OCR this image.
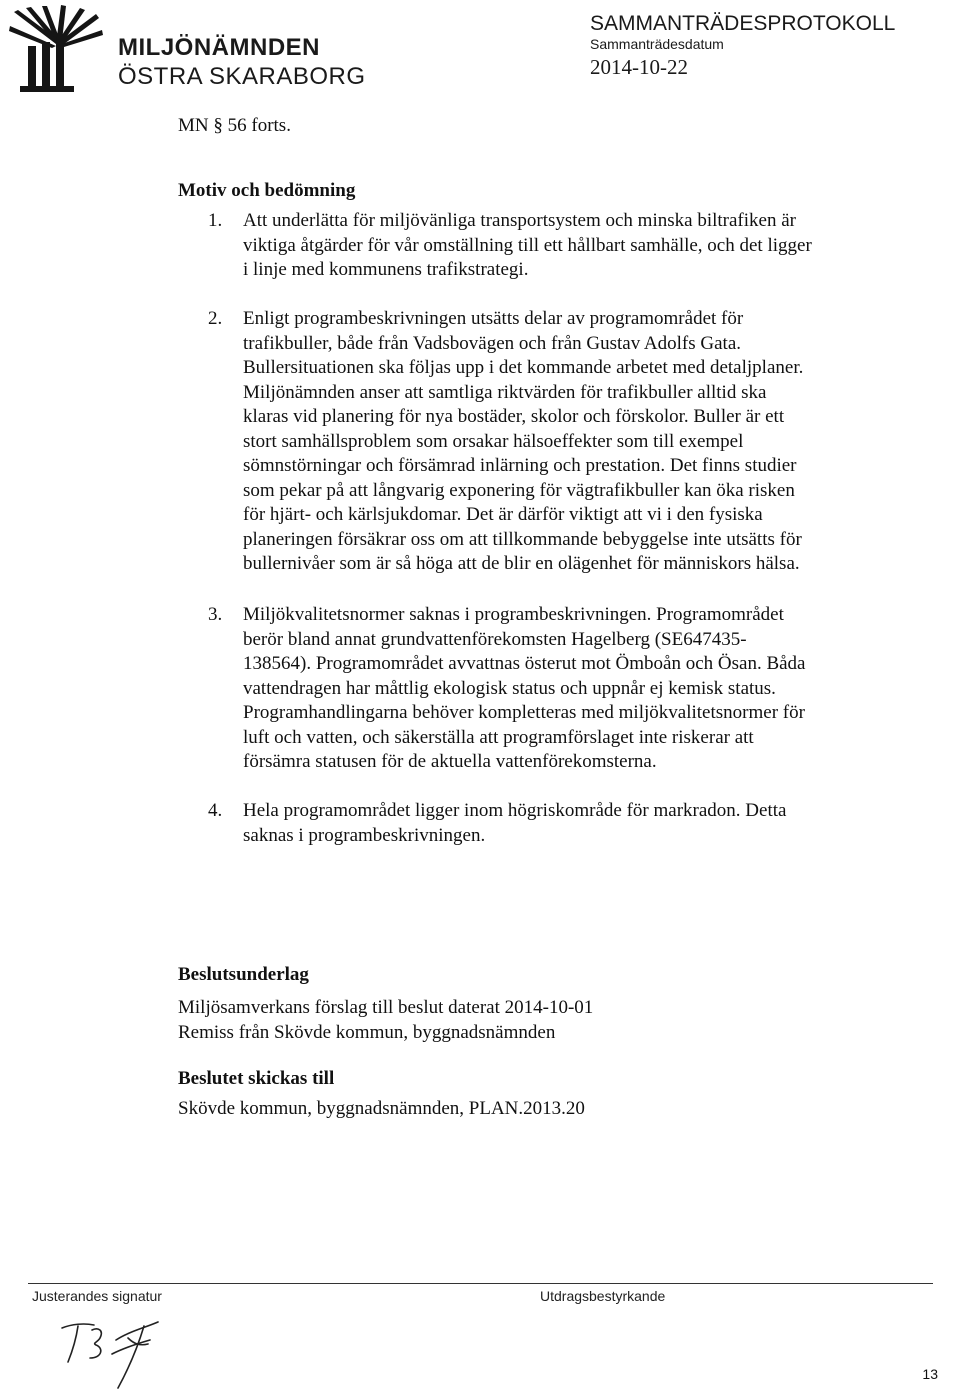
MILJÖNÄMNDEN
ÖSTRA SKARABORG
SAMMANTRÄDESPROTOKOLL
Sammanträdesdatum
2014-10-22
MN § 56 forts.
Motiv och bedömning
1. Att underlätta för miljövänliga transportsystem och minska biltrafiken är
viktiga åtgärder för vår omställning till ett hållbart samhälle, och det ligger
i linje med kommunens trafikstrategi.
2. Enligt programbeskrivningen utsätts delar av programområdet för
trafikbuller, både från Vadsbovägen och från Gustav Adolfs Gata.
Bullersituationen ska följas upp i det kommande arbetet med detaljplaner.
Miljönämnden anser att samtliga riktvärden för trafikbuller alltid ska
klaras vid planering för nya bostäder, skolor och förskolor. Buller är ett
stort samhällsproblem som orsakar hälsoeffekter som till exempel
sömnstörningar och försämrad inlärning och prestation. Det finns studier
som pekar på att långvarig exponering för vägtrafikbuller kan öka risken
för hjärt- och kärlsjukdomar. Det är därför viktigt att vi i den fysiska
planeringen försäkrar oss om att tillkommande bebyggelse inte utsätts för
bullernivåer som är så höga att de blir en olägenhet för människors hälsa.
3. Miljökvalitetsnormer saknas i programbeskrivningen. Programområdet
berör bland annat grundvattenförekomsten Hagelberg (SE647435-
138564). Programområdet avvattnas österut mot Ömboån och Ösan. Båda
vattendragen har måttlig ekologisk status och uppnår ej kemisk status.
Programhandlingarna behöver kompletteras med miljökvalitetsnormer för
luft och vatten, och säkerställa att programförslaget inte riskerar att
försämra statusen för de aktuella vattenförekomsterna.
4. Hela programområdet ligger inom högriskområde för markradon. Detta
saknas i programbeskrivningen.
Beslutsunderlag
Miljösamverkans förslag till beslut daterat 2014-10-01
Remiss från Skövde kommun, byggnadsnämnden
Beslutet skickas till
Skövde kommun, byggnadsnämnden, PLAN.2013.20
Justerandes signatur	Utdragsbestyrkande
13
